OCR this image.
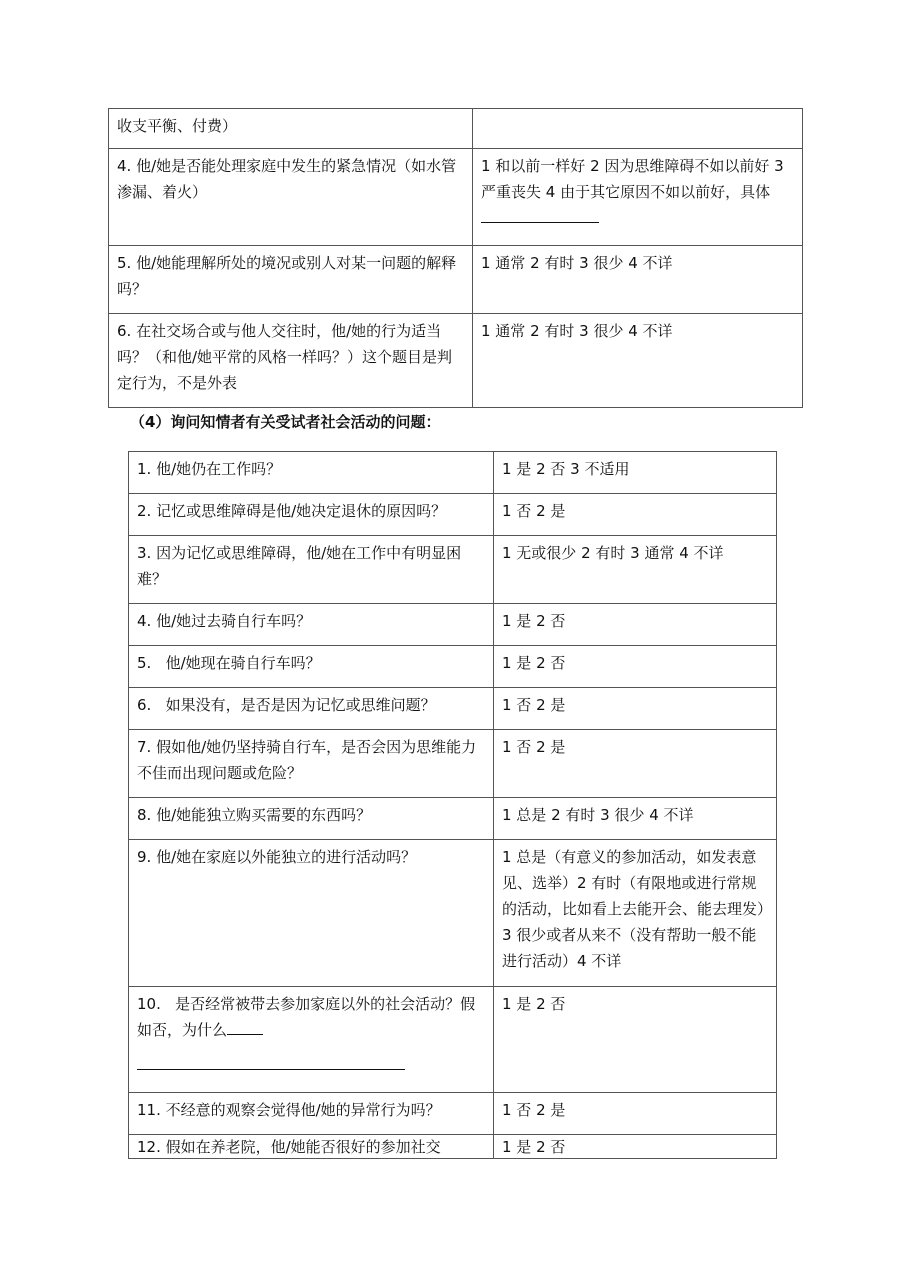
收支平衡、付费）	
4. 他/她是否能处理家庭中发生的紧急情况（如水管渗漏、着火）	1 和以前一样好 2 因为思维障碍不如以前好 3 严重丧失 4 由于其它原因不如以前好，具体
5. 他/她能理解所处的境况或别人对某一问题的解释吗？	1 通常 2 有时 3 很少 4 不详
6. 在社交场合或与他人交往时，他/她的行为适当吗？（和他/她平常的风格一样吗？）这个题目是判定行为，不是外表	1 通常 2 有时 3 很少 4 不详

（4）询问知情者有关受试者社会活动的问题：

1. 他/她仍在工作吗？	1 是 2 否 3 不适用
2. 记忆或思维障碍是他/她决定退休的原因吗？	1 否 2 是
3. 因为记忆或思维障碍，他/她在工作中有明显困难？	1 无或很少 2 有时 3 通常 4 不详
4. 他/她过去骑自行车吗？	1 是 2 否
5.   他/她现在骑自行车吗？	1 是 2 否
6.   如果没有，是否是因为记忆或思维问题？	1 否 2 是
7. 假如他/她仍坚持骑自行车，是否会因为思维能力不佳而出现问题或危险？	1 否 2 是
8. 他/她能独立购买需要的东西吗？	1 总是 2 有时 3 很少 4 不详
9. 他/她在家庭以外能独立的进行活动吗？	1 总是（有意义的参加活动，如发表意见、选举）2 有时（有限地或进行常规的活动，比如看上去能开会、能去理发）3 很少或者从来不（没有帮助一般不能进行活动）4 不详
10.   是否经常被带去参加家庭以外的社会活动？假如否，为什么	1 是 2 否
11. 不经意的观察会觉得他/她的异常行为吗？	1 否 2 是
12. 假如在养老院，他/她能否很好的参加社交	1 是 2 否
